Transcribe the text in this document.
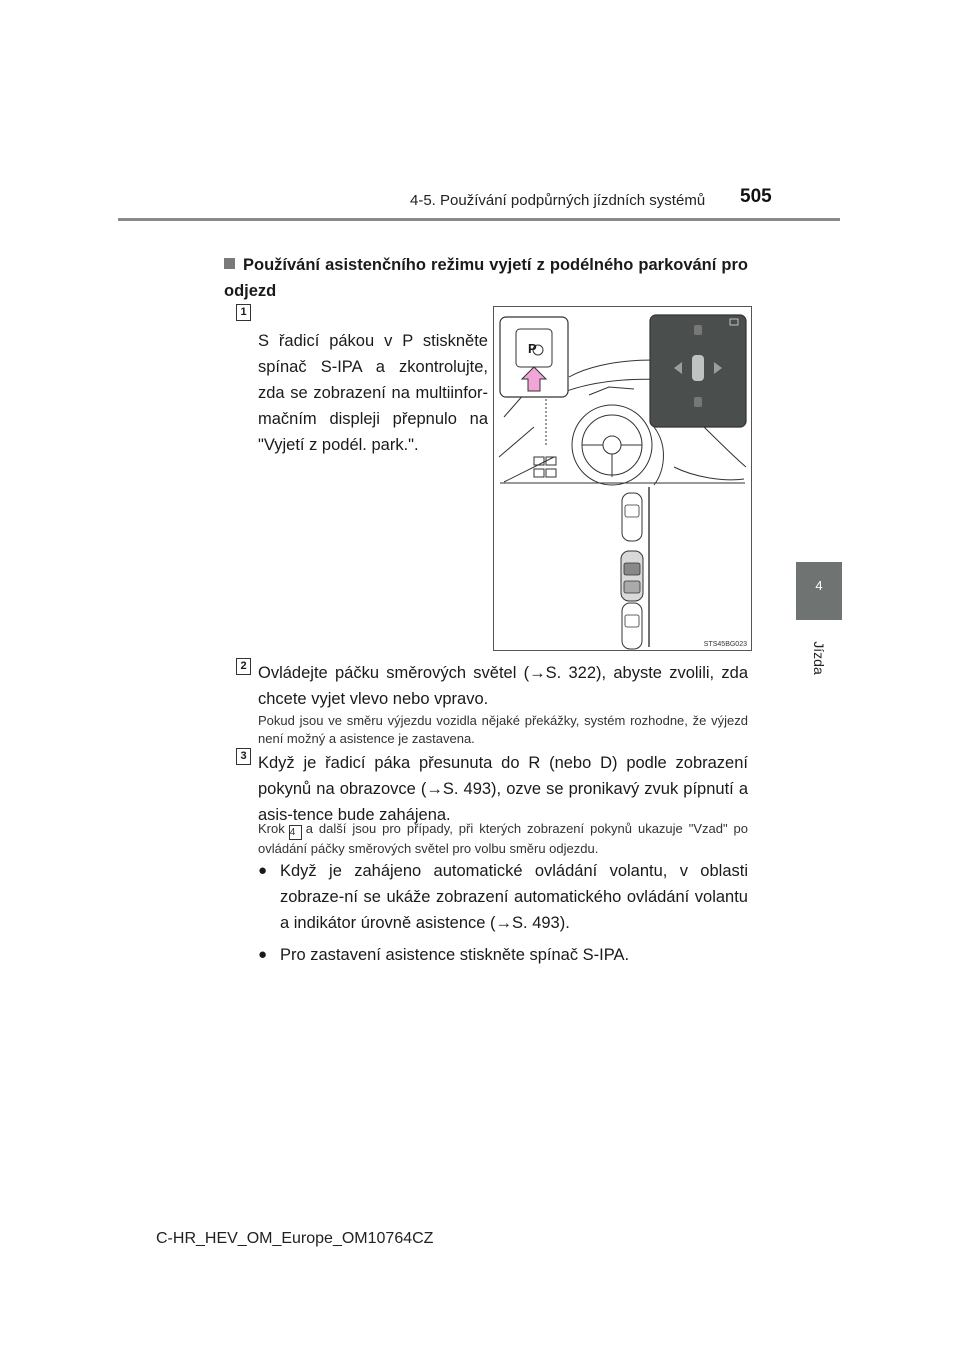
4-5. Používání podpůrných jízdních systémů 505
4
Jízda
Používání asistenčního režimu vyjetí z podélného parkování pro odjezd
1
S řadicí pákou v P stiskněte spínač S-IPA a zkontrolujte, zda se zobrazení na multiinfor-mačním displeji přepnulo na "Vyjetí z podél. park.".
P
STS45BG023
2 Ovládejte páčku směrových světel (→S. 322), abyste zvolili, zda chcete vyjet vlevo nebo vpravo.
Pokud jsou ve směru výjezdu vozidla nějaké překážky, systém rozhodne, že výjezd není možný a asistence je zastavena.
3 Když je řadicí páka přesunuta do R (nebo D) podle zobrazení pokynů na obrazovce (→S. 493), ozve se pronikavý zvuk pípnutí a asis-tence bude zahájena.
Krok 4 a další jsou pro případy, při kterých zobrazení pokynů ukazuje "Vzad" po ovládání páčky směrových světel pro volbu směru odjezdu.
● Když je zahájeno automatické ovládání volantu, v oblasti zobraze-ní se ukáže zobrazení automatického ovládání volantu a indikátor úrovně asistence (→S. 493).
● Pro zastavení asistence stiskněte spínač S-IPA.
C-HR_HEV_OM_Europe_OM10764CZ
